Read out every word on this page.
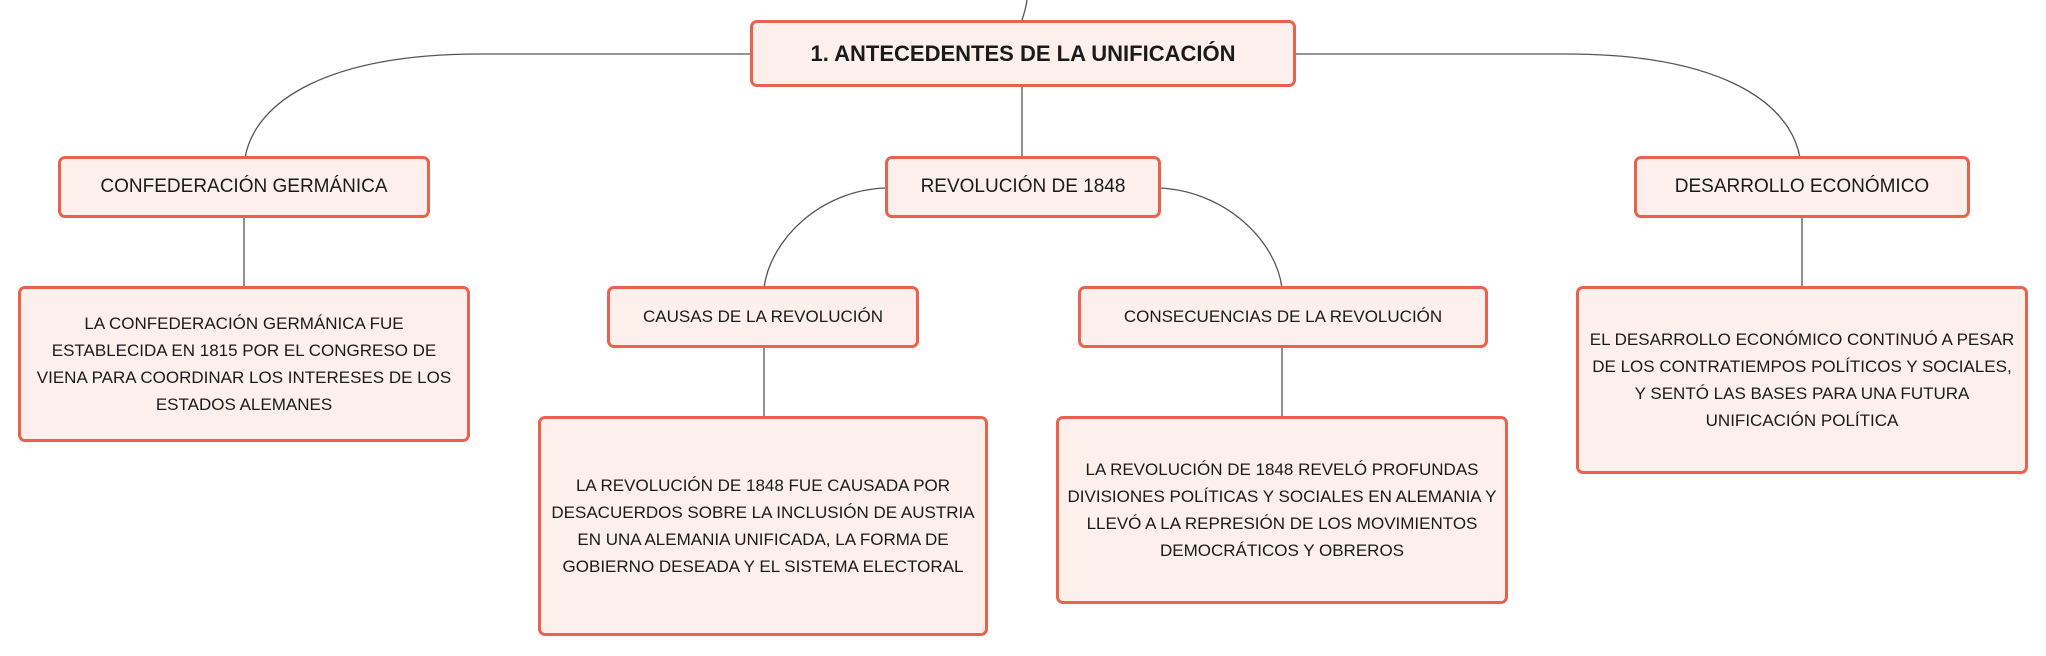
1. ANTECEDENTES DE LA UNIFICACIÓN
CONFEDERACIÓN GERMÁNICA	REVOLUCIÓN DE 1848	DESARROLLO ECONÓMICO
LA CONFEDERACIÓN GERMÁNICA FUE ESTABLECIDA EN 1815 POR EL CONGRESO DE VIENA PARA COORDINAR LOS INTERESES DE LOS ESTADOS ALEMANES
CAUSAS DE LA REVOLUCIÓN	CONSECUENCIAS DE LA REVOLUCIÓN
EL DESARROLLO ECONÓMICO CONTINUÓ A PESAR DE LOS CONTRATIEMPOS POLÍTICOS Y SOCIALES, Y SENTÓ LAS BASES PARA UNA FUTURA UNIFICACIÓN POLÍTICA
LA REVOLUCIÓN DE 1848 FUE CAUSADA POR DESACUERDOS SOBRE LA INCLUSIÓN DE AUSTRIA EN UNA ALEMANIA UNIFICADA, LA FORMA DE GOBIERNO DESEADA Y EL SISTEMA ELECTORAL
LA REVOLUCIÓN DE 1848 REVELÓ PROFUNDAS DIVISIONES POLÍTICAS Y SOCIALES EN ALEMANIA Y LLEVÓ A LA REPRESIÓN DE LOS MOVIMIENTOS DEMOCRÁTICOS Y OBREROS
